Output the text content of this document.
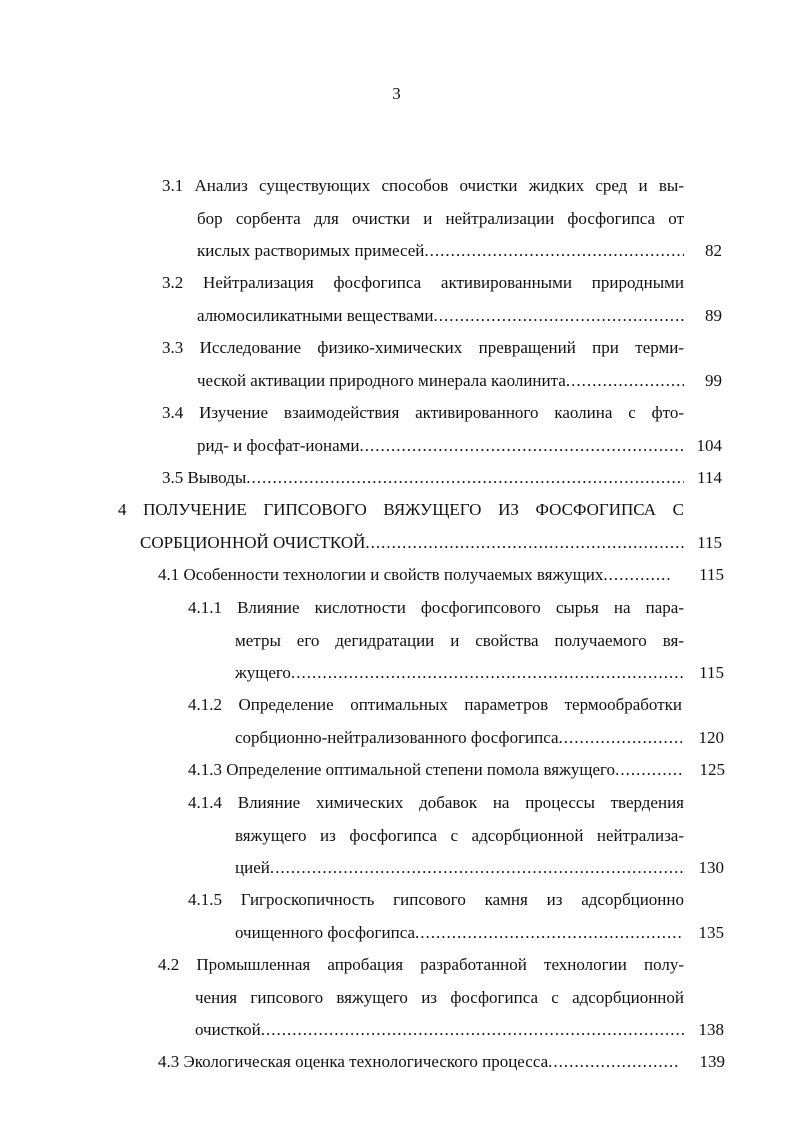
3
3.1 Анализ существующих способов очистки жидких сред и вы-
бор сорбента для очистки и нейтрализации фосфогипса от
кислых растворимых примесей .....	82
3.2 Нейтрализация фосфогипса активированными природными
алюмосиликатными веществами .....	89
3.3 Исследование физико-химических превращений при терми-
ческой активации природного минерала каолинита .....	99
3.4 Изучение взаимодействия активированного каолина с фто-
рид- и фосфат-ионами .....	104
3.5 Выводы .....	114
4 ПОЛУЧЕНИЕ ГИПСОВОГО ВЯЖУЩЕГО ИЗ ФОСФОГИПСА С
СОРБЦИОННОЙ ОЧИСТКОЙ .....	115
4.1 Особенности технологии и свойств получаемых вяжущих .....	115
4.1.1 Влияние кислотности фосфогипсового сырья на пара-
метры его дегидратации и свойства получаемого вя-
жущего .....	115
4.1.2 Определение оптимальных параметров термообработки
сорбционно-нейтрализованного фосфогипса .....	120
4.1.3 Определение оптимальной степени помола вяжущего .....	125
4.1.4 Влияние химических добавок на процессы твердения
вяжущего из фосфогипса с адсорбционной нейтрализа-
цией .....	130
4.1.5 Гигроскопичность гипсового камня из адсорбционно
очищенного фосфогипса .....	135
4.2 Промышленная апробация разработанной технологии полу-
чения гипсового вяжущего из фосфогипса с адсорбционной
очисткой .....	138
4.3 Экологическая оценка технологического процесса .....	139
